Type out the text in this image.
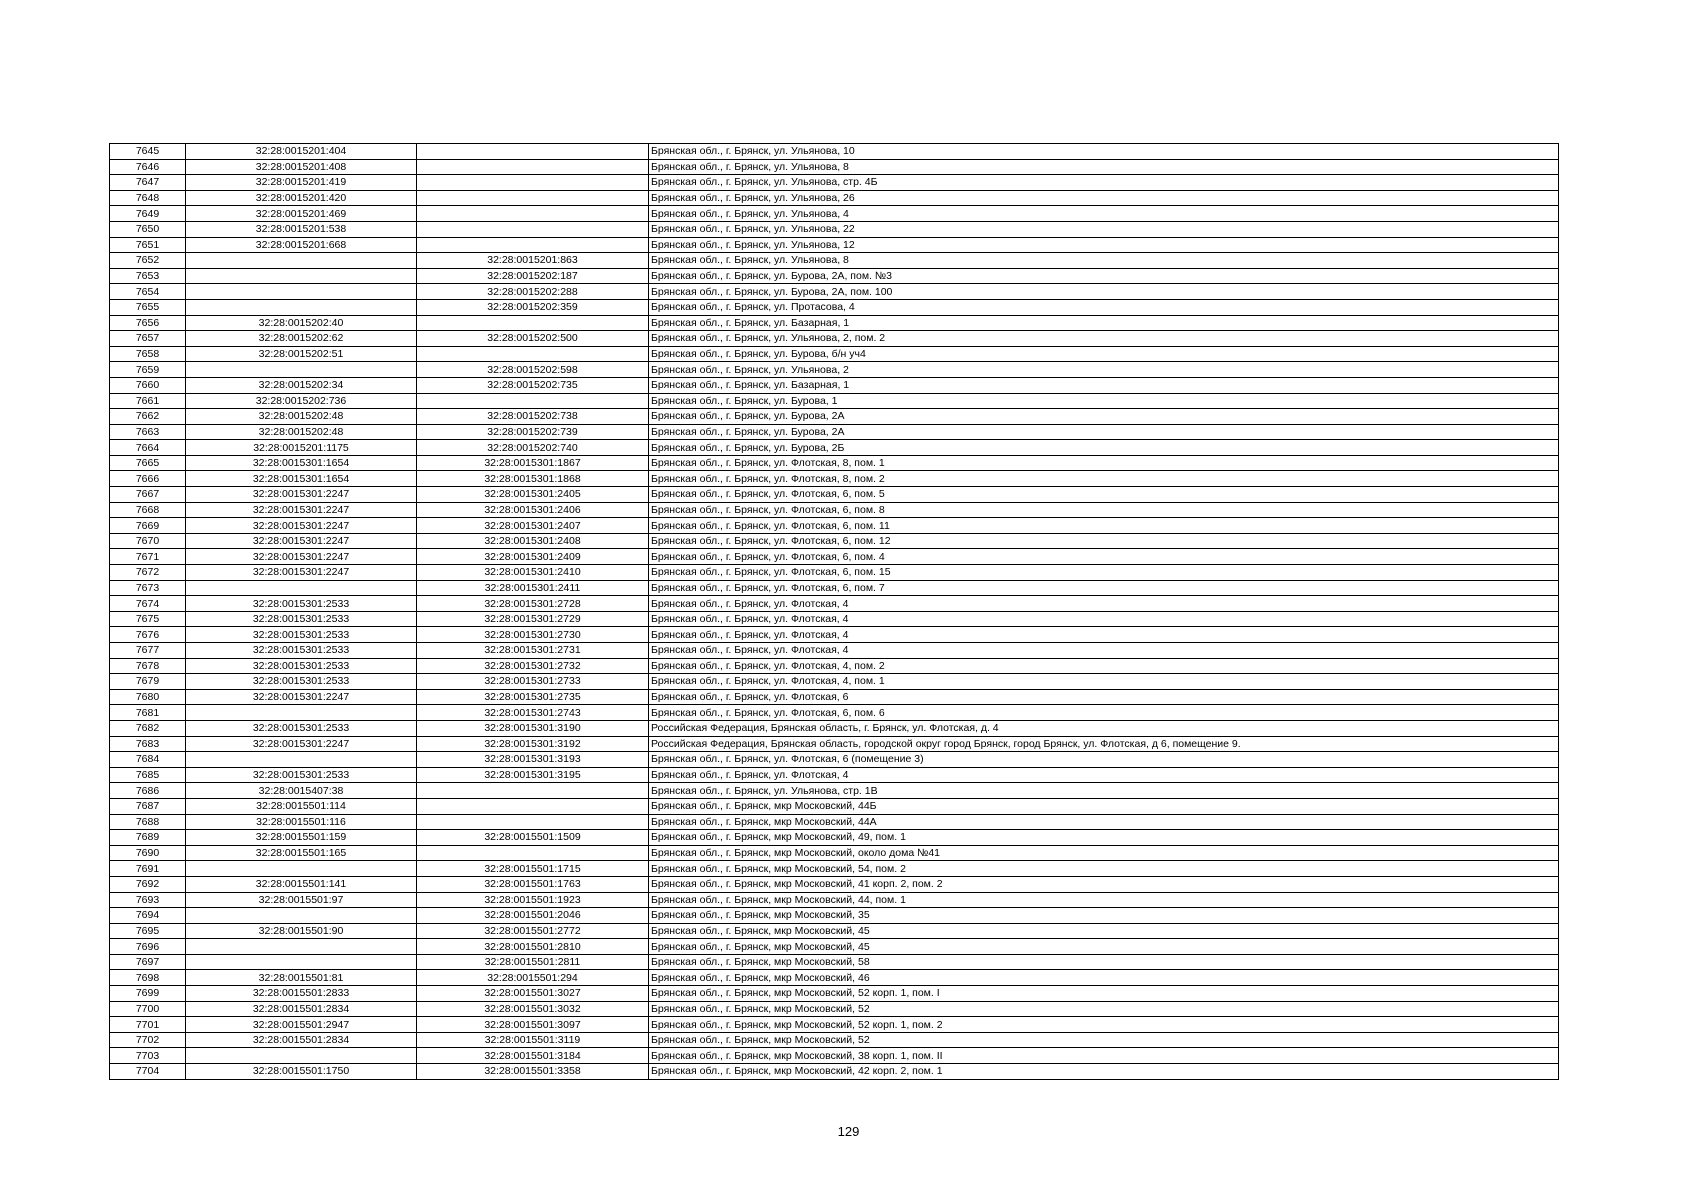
7645	32:28:0015201:404		Брянская обл., г. Брянск, ул. Ульянова, 10
7646	32:28:0015201:408		Брянская обл., г. Брянск, ул. Ульянова, 8
7647	32:28:0015201:419		Брянская обл., г. Брянск, ул. Ульянова, стр. 4Б
7648	32:28:0015201:420		Брянская обл., г. Брянск, ул. Ульянова, 26
7649	32:28:0015201:469		Брянская обл., г. Брянск, ул. Ульянова, 4
7650	32:28:0015201:538		Брянская обл., г. Брянск, ул. Ульянова, 22
7651	32:28:0015201:668		Брянская обл., г. Брянск, ул. Ульянова, 12
7652		32:28:0015201:863	Брянская обл., г. Брянск, ул. Ульянова, 8
7653		32:28:0015202:187	Брянская обл., г. Брянск, ул. Бурова, 2А, пом. №3
7654		32:28:0015202:288	Брянская обл., г. Брянск, ул. Бурова, 2А, пом. 100
7655		32:28:0015202:359	Брянская обл., г. Брянск, ул. Протасова, 4
7656	32:28:0015202:40		Брянская обл., г. Брянск, ул. Базарная, 1
7657	32:28:0015202:62	32:28:0015202:500	Брянская обл., г. Брянск, ул. Ульянова, 2, пом. 2
7658	32:28:0015202:51		Брянская обл., г. Брянск, ул. Бурова, б/н уч4
7659		32:28:0015202:598	Брянская обл., г. Брянск, ул. Ульянова, 2
7660	32:28:0015202:34	32:28:0015202:735	Брянская обл., г. Брянск, ул. Базарная, 1
7661	32:28:0015202:736		Брянская обл., г. Брянск, ул. Бурова, 1
7662	32:28:0015202:48	32:28:0015202:738	Брянская обл., г. Брянск, ул. Бурова, 2А
7663	32:28:0015202:48	32:28:0015202:739	Брянская обл., г. Брянск, ул. Бурова, 2А
7664	32:28:0015201:1175	32:28:0015202:740	Брянская обл., г. Брянск, ул. Бурова, 2Б
7665	32:28:0015301:1654	32:28:0015301:1867	Брянская обл., г. Брянск, ул. Флотская, 8, пом. 1
7666	32:28:0015301:1654	32:28:0015301:1868	Брянская обл., г. Брянск, ул. Флотская, 8, пом. 2
7667	32:28:0015301:2247	32:28:0015301:2405	Брянская обл., г. Брянск, ул. Флотская, 6, пом. 5
7668	32:28:0015301:2247	32:28:0015301:2406	Брянская обл., г. Брянск, ул. Флотская, 6, пом. 8
7669	32:28:0015301:2247	32:28:0015301:2407	Брянская обл., г. Брянск, ул. Флотская, 6, пом. 11
7670	32:28:0015301:2247	32:28:0015301:2408	Брянская обл., г. Брянск, ул. Флотская, 6, пом. 12
7671	32:28:0015301:2247	32:28:0015301:2409	Брянская обл., г. Брянск, ул. Флотская, 6, пом. 4
7672	32:28:0015301:2247	32:28:0015301:2410	Брянская обл., г. Брянск, ул. Флотская, 6, пом. 15
7673		32:28:0015301:2411	Брянская обл., г. Брянск, ул. Флотская, 6, пом. 7
7674	32:28:0015301:2533	32:28:0015301:2728	Брянская обл., г. Брянск, ул. Флотская, 4
7675	32:28:0015301:2533	32:28:0015301:2729	Брянская обл., г. Брянск, ул. Флотская, 4
7676	32:28:0015301:2533	32:28:0015301:2730	Брянская обл., г. Брянск, ул. Флотская, 4
7677	32:28:0015301:2533	32:28:0015301:2731	Брянская обл., г. Брянск, ул. Флотская, 4
7678	32:28:0015301:2533	32:28:0015301:2732	Брянская обл., г. Брянск, ул. Флотская, 4, пом. 2
7679	32:28:0015301:2533	32:28:0015301:2733	Брянская обл., г. Брянск, ул. Флотская, 4, пом. 1
7680	32:28:0015301:2247	32:28:0015301:2735	Брянская обл., г. Брянск, ул. Флотская, 6
7681		32:28:0015301:2743	Брянская обл., г. Брянск, ул. Флотская, 6, пом. 6
7682	32:28:0015301:2533	32:28:0015301:3190	Российская Федерация, Брянская область, г. Брянск, ул. Флотская, д. 4
7683	32:28:0015301:2247	32:28:0015301:3192	Российская Федерация, Брянская область, городской округ город Брянск, город Брянск, ул. Флотская, д 6, помещение 9.
7684		32:28:0015301:3193	Брянская обл., г. Брянск, ул. Флотская, 6 (помещение 3)
7685	32:28:0015301:2533	32:28:0015301:3195	Брянская обл., г. Брянск, ул. Флотская, 4
7686	32:28:0015407:38		Брянская обл., г. Брянск, ул. Ульянова, стр. 1В
7687	32:28:0015501:114		Брянская обл., г. Брянск, мкр Московский, 44Б
7688	32:28:0015501:116		Брянская обл., г. Брянск, мкр Московский, 44А
7689	32:28:0015501:159	32:28:0015501:1509	Брянская обл., г. Брянск, мкр Московский, 49, пом. 1
7690	32:28:0015501:165		Брянская обл., г. Брянск, мкр Московский, около дома №41
7691		32:28:0015501:1715	Брянская обл., г. Брянск, мкр Московский, 54, пом. 2
7692	32:28:0015501:141	32:28:0015501:1763	Брянская обл., г. Брянск, мкр Московский, 41 корп. 2, пом. 2
7693	32:28:0015501:97	32:28:0015501:1923	Брянская обл., г. Брянск, мкр Московский, 44, пом. 1
7694		32:28:0015501:2046	Брянская обл., г. Брянск, мкр Московский, 35
7695	32:28:0015501:90	32:28:0015501:2772	Брянская обл., г. Брянск, мкр Московский, 45
7696		32:28:0015501:2810	Брянская обл., г. Брянск, мкр Московский, 45
7697		32:28:0015501:2811	Брянская обл., г. Брянск, мкр Московский, 58
7698	32:28:0015501:81	32:28:0015501:294	Брянская обл., г. Брянск, мкр Московский, 46
7699	32:28:0015501:2833	32:28:0015501:3027	Брянская обл., г. Брянск, мкр Московский, 52 корп. 1, пом. I
7700	32:28:0015501:2834	32:28:0015501:3032	Брянская обл., г. Брянск, мкр Московский, 52
7701	32:28:0015501:2947	32:28:0015501:3097	Брянская обл., г. Брянск, мкр Московский, 52 корп. 1, пом. 2
7702	32:28:0015501:2834	32:28:0015501:3119	Брянская обл., г. Брянск, мкр Московский, 52
7703		32:28:0015501:3184	Брянская обл., г. Брянск, мкр Московский, 38 корп. 1, пом. II
7704	32:28:0015501:1750	32:28:0015501:3358	Брянская обл., г. Брянск, мкр Московский, 42 корп. 2, пом. 1
129
